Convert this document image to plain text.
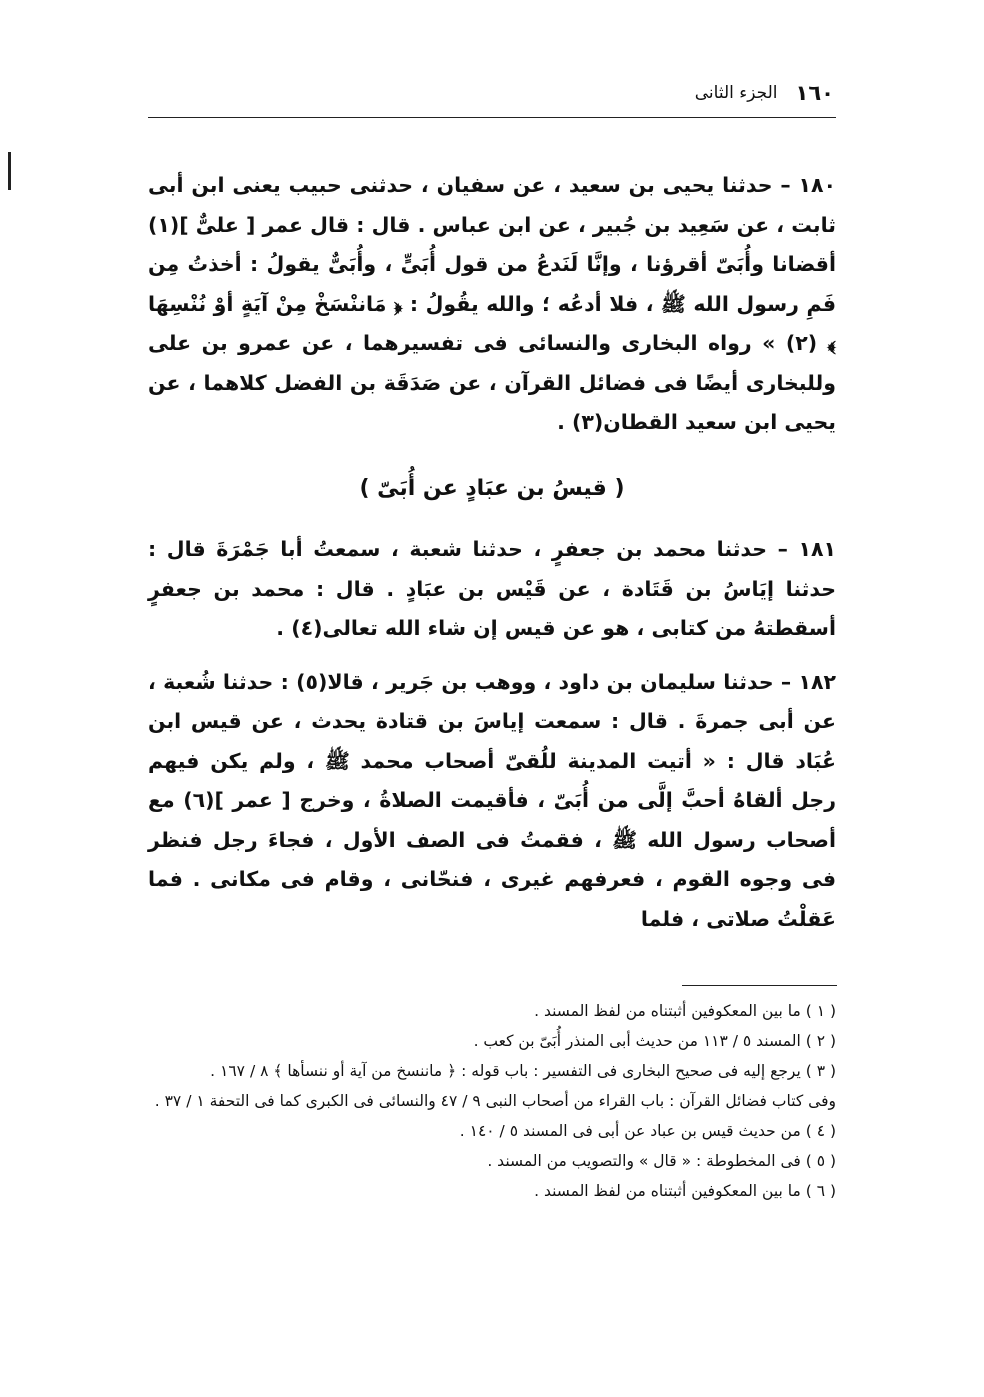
١٦٠
الجزء الثانى

١٨٠ – حدثنا يحيى بن سعيد ، عن سفيان ، حدثنى حبيب يعنى ابن أبى ثابت ، عن سَعِيد بن جُبير ، عن ابن عباس . قال : قال عمر [ علىٌّ ](١) أقضانا وأُبَىّ أقرؤنا ، وإنَّا لَنَدعُ من قول أُبَىٍّ ، وأُبَىٌّ يقولُ : أخذتُ مِن فَمِ رسول الله ﷺ ، فلا أدعُه ؛ والله يقُولُ : ﴿ مَاننْسَخْ مِنْ آيَةٍ أوْ نُنْسِهَا ﴾ (٢) » رواه البخارى والنسائى فى تفسيرهما ، عن عمرو بن على وللبخارى أيضًا فى فضائل القرآن ، عن صَدَقَة بن الفضل كلاهما ، عن يحيى ابن سعيد القطان(٣) .

( قيسُ بن عبَادٍ عن أُبَىّ )

١٨١ – حدثنا محمد بن جعفرٍ ، حدثنا شعبة ، سمعتُ أبا جَمْرَةَ قال : حدثنا إيَاسُ بن قَتَادة ، عن قَيْس بن عبَادٍ . قال : محمد بن جعفرٍ أسقطتهُ من كتابى ، هو عن قيس إن شاء الله تعالى(٤) .

١٨٢ – حدثنا سليمان بن داود ، ووهب بن جَرير ، قالا(٥) : حدثنا شُعبة ، عن أبى جمرةَ . قال : سمعت إياسَ بن قتادة يحدث ، عن قيس ابن عُبَاد قال : « أتيت المدينة للُقىّ أصحاب محمد ﷺ ، ولم يكن فيهم رجل ألقاهُ أحبَّ إلَّى من أُبَىّ ، فأقيمت الصلاةُ ، وخرج [ عمر ](٦) مع أصحاب رسول الله ﷺ ، فقمتُ فى الصف الأول ، فجاءَ رجل فنظر فى وجوه القوم ، فعرفهم غيرى ، فنحّانى ، وقام فى مكانى . فما عَقلْتُ صلاتى ، فلما

( ١ ) ما بين المعكوفين أثبتناه من لفظ المسند .

( ٢ ) المسند ٥ / ١١٣ من حديث أبى المنذر أُبَىّ بن كعب .

( ٣ ) يرجع إليه فى صحيح البخارى فى التفسير : باب قوله : ﴿ ماننسخ من آية أو ننسأها ﴾ ٨ / ١٦٧ .

وفى كتاب فضائل القرآن : باب القراء من أصحاب النبى ٩ / ٤٧ والنسائى فى الكبرى كما فى التحفة ١ / ٣٧ .

( ٤ ) من حديث قيس بن عباد عن أبى فى المسند ٥ / ١٤٠ .

( ٥ ) فى المخطوطة : « قال » والتصويب من المسند .

( ٦ ) ما بين المعكوفين أثبتناه من لفظ المسند .
